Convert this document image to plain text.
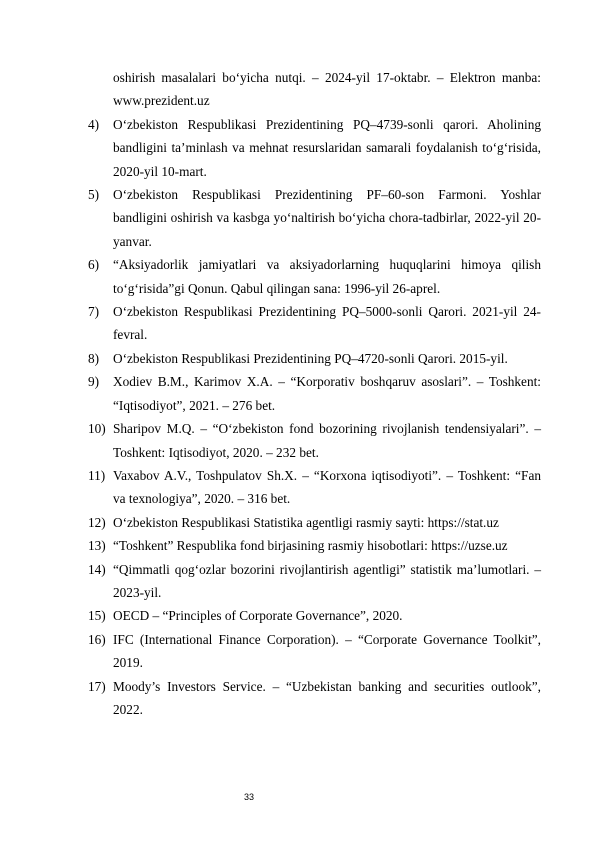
oshirish masalalari bo‘yicha nutqi. – 2024-yil 17-oktabr. – Elektron manba: www.prezident.uz
4) O‘zbekiston Respublikasi Prezidentining PQ–4739-sonli qarori. Aholining bandligini ta’minlash va mehnat resurslaridan samarali foydalanish to‘g‘risida, 2020-yil 10-mart.
5) O‘zbekiston Respublikasi Prezidentining PF–60-son Farmoni. Yoshlar bandligini oshirish va kasbga yo‘naltirish bo‘yicha chora-tadbirlar, 2022-yil 20-yanvar.
6) “Aksiyadorlik jamiyatlari va aksiyadorlarning huquqlarini himoya qilish to‘g‘risida”gi Qonun. Qabul qilingan sana: 1996-yil 26-aprel.
7) O‘zbekiston Respublikasi Prezidentining PQ–5000-sonli Qarori. 2021-yil 24-fevral.
8) O‘zbekiston Respublikasi Prezidentining PQ–4720-sonli Qarori. 2015-yil.
9) Xodiev B.M., Karimov X.A. – “Korporativ boshqaruv asoslari”. – Toshkent: “Iqtisodiyot”, 2021. – 276 bet.
10) Sharipov M.Q. – “O‘zbekiston fond bozorining rivojlanish tendensiyalari”. – Toshkent: Iqtisodiyot, 2020. – 232 bet.
11) Vaxabov A.V., Toshpulatov Sh.X. – “Korxona iqtisodiyoti”. – Toshkent: “Fan va texnologiya”, 2020. – 316 bet.
12) O‘zbekiston Respublikasi Statistika agentligi rasmiy sayti: https://stat.uz
13) “Toshkent” Respublika fond birjasining rasmiy hisobotlari: https://uzse.uz
14) “Qimmatli qog‘ozlar bozorini rivojlantirish agentligi” statistik ma’lumotlari. – 2023-yil.
15) OECD – “Principles of Corporate Governance”, 2020.
16) IFC (International Finance Corporation). – “Corporate Governance Toolkit”, 2019.
17) Moody’s Investors Service. – “Uzbekistan banking and securities outlook”, 2022.
33
